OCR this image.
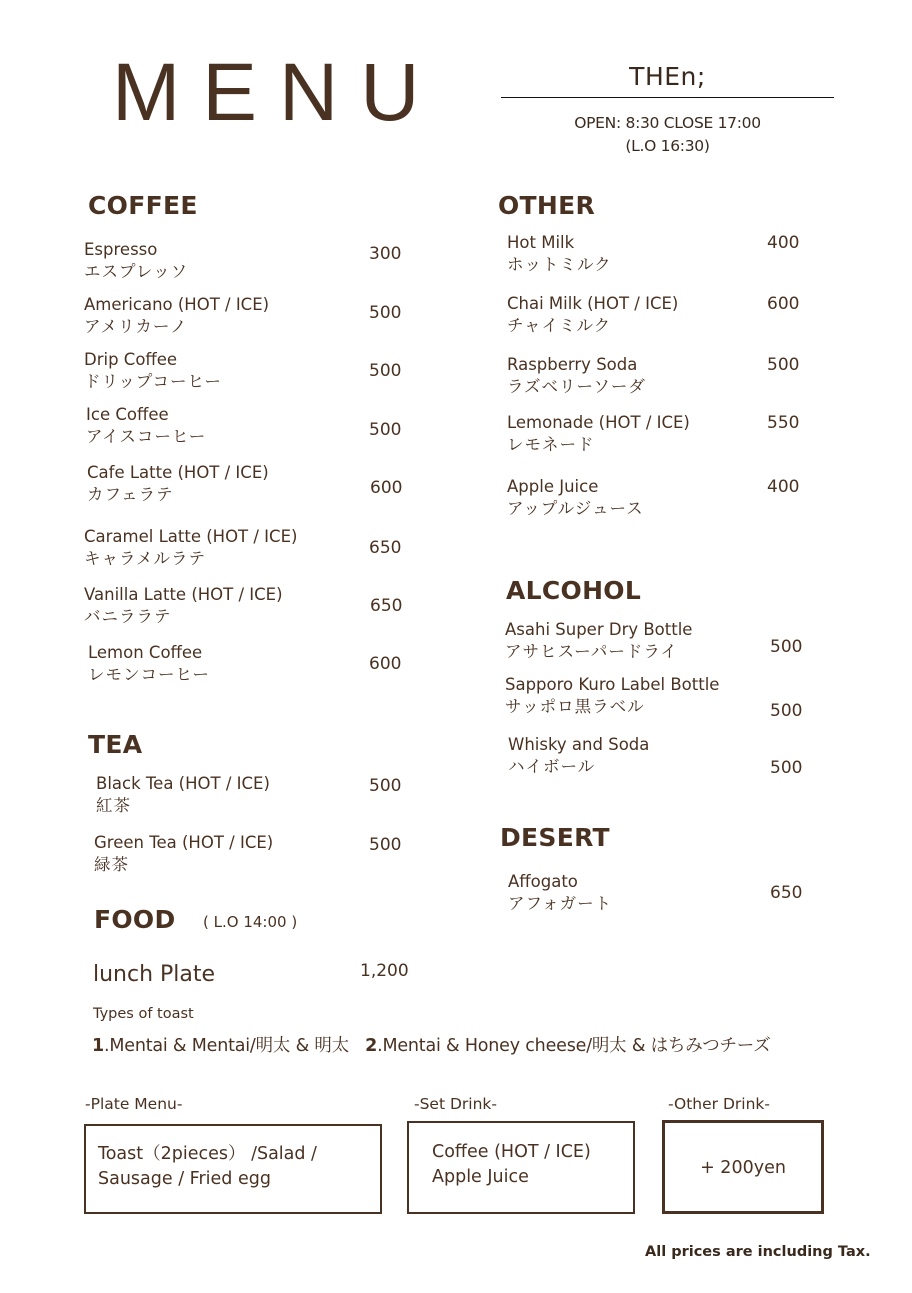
MENU	THEn;
OPEN: 8:30 CLOSE 17:00
(L.O 16:30)
COFFEE
Espresso
エスプレッソ
300
Americano (HOT / ICE)
アメリカーノ
500
Drip Coffee
ドリップコーヒー
500
Ice Coffee
アイスコーヒー	500
Cafe Latte (HOT / ICE)
カフェラテ	600
Caramel Latte (HOT / ICE)
キャラメルラテ
650
Vanilla Latte (HOT / ICE)
バニララテ
650
Lemon Coffee
レモンコーヒー
600
TEA
Black Tea (HOT / ICE)
紅茶
500
Green Tea (HOT / ICE)
緑茶
500
FOOD ( L.O 14:00 )
lunch Plate	1,200
Types of toast
1.Mentai & Mentai/明太 & 明太 2.Mentai & Honey cheese/明太 & はちみつチーズ
OTHER
Hot Milk
ホットミルク
400
Chai Milk (HOT / ICE)
チャイミルク
600
Raspberry Soda
ラズベリーソーダ
500
Lemonade (HOT / ICE)
レモネード
550
Apple Juice
アップルジュース
400
ALCOHOL
Asahi Super Dry Bottle
アサヒスーパードライ	500
Sapporo Kuro Label Bottle
サッポロ黒ラベル	500
Whisky and Soda
ハイボール	500
DESERT
Affogato
アフォガート
650
-Plate Menu-
Toast（2pieces） /Salad /
Sausage / Fried egg
-Set Drink-
Coffee (HOT / ICE)
Apple Juice
-Other Drink-
+ 200yen
All prices are including Tax.
